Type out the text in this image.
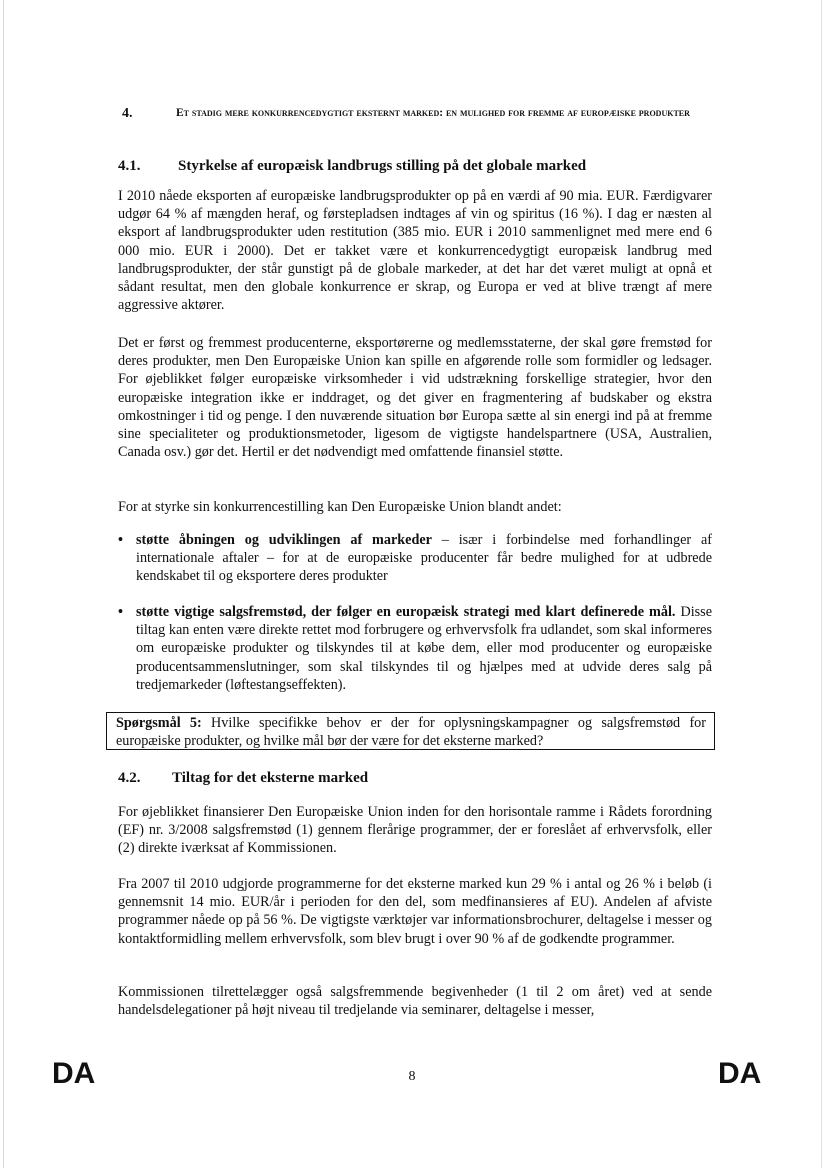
4.	Et stadig mere konkurrencedygtigt eksternt marked: en mulighed for fremme af europæiske produkter
4.1.	Styrkelse af europæisk landbrugs stilling på det globale marked

I 2010 nåede eksporten af europæiske landbrugsprodukter op på en værdi af 90 mia. EUR. Færdigvarer udgør 64 % af mængden heraf, og førstepladsen indtages af vin og spiritus (16 %). I dag er næsten al eksport af landbrugsprodukter uden restitution (385 mio. EUR i 2010 sammenlignet med mere end 6 000 mio. EUR i 2000). Det er takket være et konkurrencedygtigt europæisk landbrug med landbrugsprodukter, der står gunstigt på de globale markeder, at det har det været muligt at opnå et sådant resultat, men den globale konkurrence er skrap, og Europa er ved at blive trængt af mere aggressive aktører.

Det er først og fremmest producenterne, eksportørerne og medlemsstaterne, der skal gøre fremstød for deres produkter, men Den Europæiske Union kan spille en afgørende rolle som formidler og ledsager. For øjeblikket følger europæiske virksomheder i vid udstrækning forskellige strategier, hvor den europæiske integration ikke er inddraget, og det giver en fragmentering af budskaber og ekstra omkostninger i tid og penge. I den nuværende situation bør Europa sætte al sin energi ind på at fremme sine specialiteter og produktionsmetoder, ligesom de vigtigste handelspartnere (USA, Australien, Canada osv.) gør det. Hertil er det nødvendigt med omfattende finansiel støtte.

For at styrke sin konkurrencestilling kan Den Europæiske Union blandt andet:

• støtte åbningen og udviklingen af markeder – især i forbindelse med forhandlinger af internationale aftaler – for at de europæiske producenter får bedre mulighed for at udbrede kendskabet til og eksportere deres produkter
• støtte vigtige salgsfremstød, der følger en europæisk strategi med klart definerede mål. Disse tiltag kan enten være direkte rettet mod forbrugere og erhvervsfolk fra udlandet, som skal informeres om europæiske produkter og tilskyndes til at købe dem, eller mod producenter og europæiske producentsammenslutninger, som skal tilskyndes til og hjælpes med at udvide deres salg på tredjemarkeder (løftestangseffekten).
Spørgsmål 5: Hvilke specifikke behov er der for oplysningskampagner og salgsfremstød for europæiske produkter, og hvilke mål bør der være for det eksterne marked?
4.2. Tiltag for det eksterne marked

For øjeblikket finansierer Den Europæiske Union inden for den horisontale ramme i Rådets forordning (EF) nr. 3/2008 salgsfremstød (1) gennem flerårige programmer, der er foreslået af erhvervsfolk, eller (2) direkte iværksat af Kommissionen.

Fra 2007 til 2010 udgjorde programmerne for det eksterne marked kun 29 % i antal og 26 % i beløb (i gennemsnit 14 mio. EUR/år i perioden for den del, som medfinansieres af EU). Andelen af afviste programmer nåede op på 56 %. De vigtigste værktøjer var informationsbrochurer, deltagelse i messer og kontaktformidling mellem erhvervsfolk, som blev brugt i over 90 % af de godkendte programmer.

Kommissionen tilrettelægger også salgsfremmende begivenheder (1 til 2 om året) ved at sende handelsdelegationer på højt niveau til tredjelande via seminarer, deltagelse i messer,

DA	8	DA
